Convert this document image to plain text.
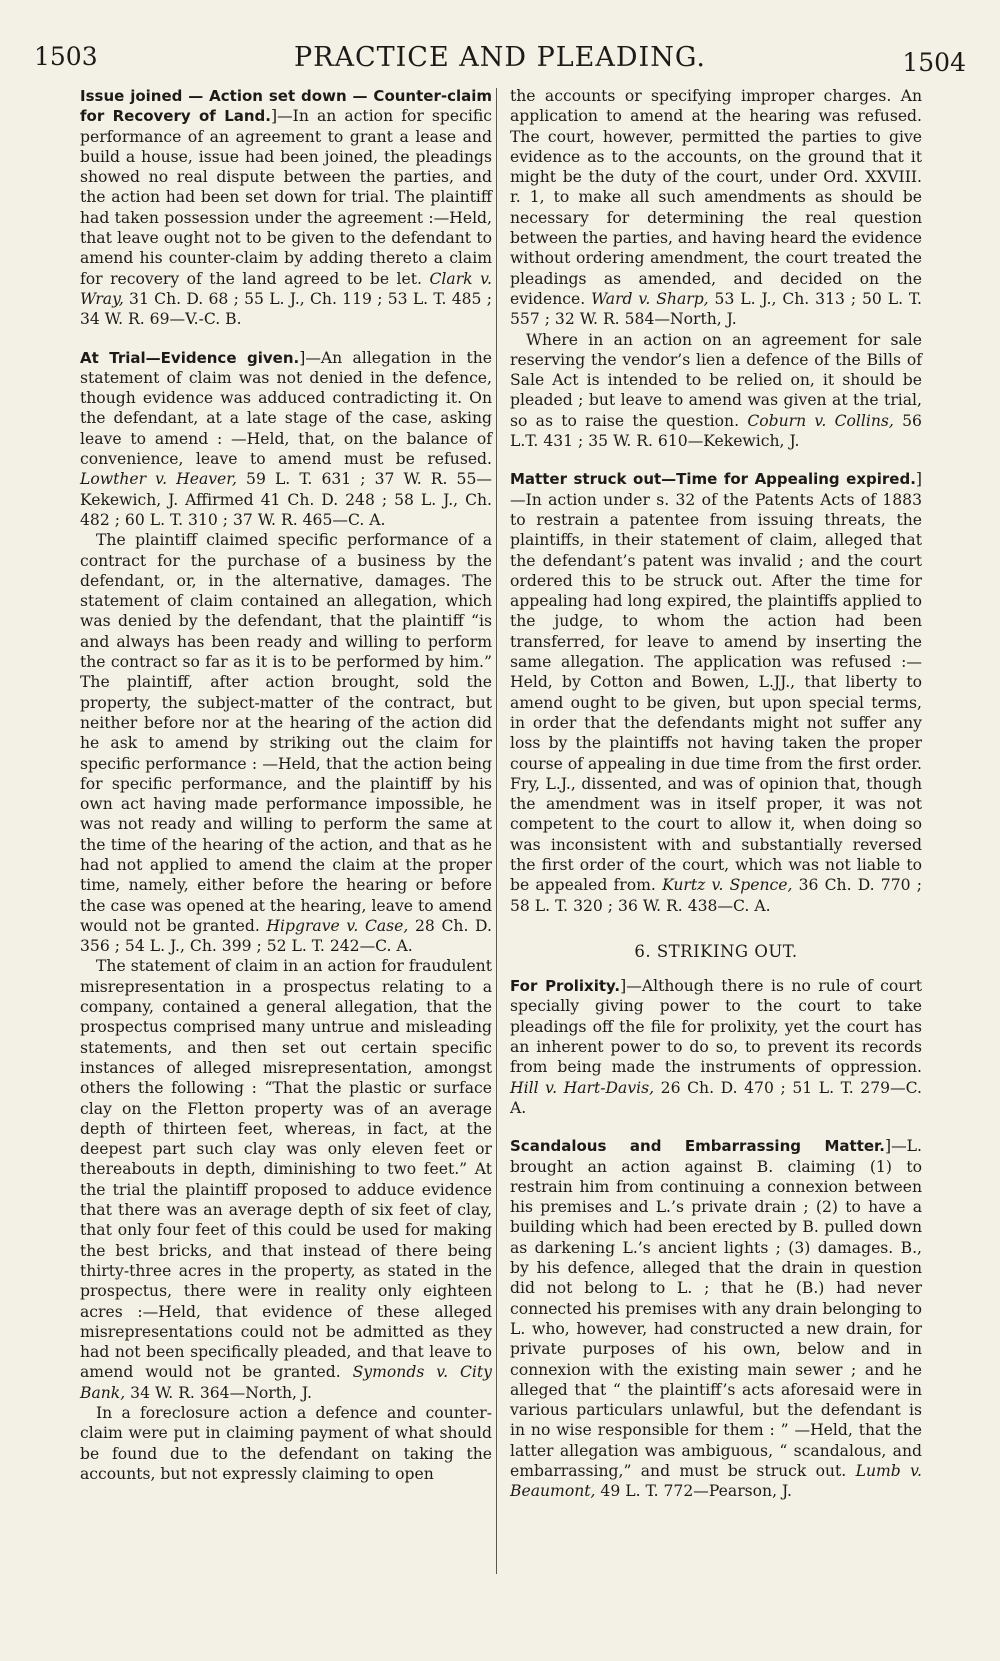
1503	PRACTICE AND PLEADING.	1504

Issue joined — Action set down — Counter-claim for Recovery of Land.]—In an action for specific performance of an agreement to grant a lease and build a house, issue had been joined, the pleadings showed no real dispute between the parties, and the action had been set down for trial. The plaintiff had taken possession under the agreement :—Held, that leave ought not to be given to the defendant to amend his counter-claim by adding thereto a claim for recovery of the land agreed to be let. Clark v. Wray, 31 Ch. D. 68 ; 55 L. J., Ch. 119 ; 53 L. T. 485 ; 34 W. R. 69—V.-C. B.

At Trial—Evidence given.]—An allegation in the statement of claim was not denied in the defence, though evidence was adduced contradicting it. On the defendant, at a late stage of the case, asking leave to amend : —Held, that, on the balance of convenience, leave to amend must be refused. Lowther v. Heaver, 59 L. T. 631 ; 37 W. R. 55—Kekewich, J. Affirmed 41 Ch. D. 248 ; 58 L. J., Ch. 482 ; 60 L. T. 310 ; 37 W. R. 465—C. A.

The plaintiff claimed specific performance of a contract for the purchase of a business by the defendant, or, in the alternative, damages. The statement of claim contained an allegation, which was denied by the defendant, that the plaintiff “is and always has been ready and willing to perform the contract so far as it is to be performed by him.” The plaintiff, after action brought, sold the property, the subject-matter of the contract, but neither before nor at the hearing of the action did he ask to amend by striking out the claim for specific performance : —Held, that the action being for specific performance, and the plaintiff by his own act having made performance impossible, he was not ready and willing to perform the same at the time of the hearing of the action, and that as he had not applied to amend the claim at the proper time, namely, either before the hearing or before the case was opened at the hearing, leave to amend would not be granted. Hipgrave v. Case, 28 Ch. D. 356 ; 54 L. J., Ch. 399 ; 52 L. T. 242—C. A.

The statement of claim in an action for fraudulent misrepresentation in a prospectus relating to a company, contained a general allegation, that the prospectus comprised many untrue and misleading statements, and then set out certain specific instances of alleged misrepresentation, amongst others the following : “That the plastic or surface clay on the Fletton property was of an average depth of thirteen feet, whereas, in fact, at the deepest part such clay was only eleven feet or thereabouts in depth, diminishing to two feet.” At the trial the plaintiff proposed to adduce evidence that there was an average depth of six feet of clay, that only four feet of this could be used for making the best bricks, and that instead of there being thirty-three acres in the property, as stated in the prospectus, there were in reality only eighteen acres :—Held, that evidence of these alleged misrepresentations could not be admitted as they had not been specifically pleaded, and that leave to amend would not be granted. Symonds v. City Bank, 34 W. R. 364—North, J.

In a foreclosure action a defence and counter-claim were put in claiming payment of what should be found due to the defendant on taking the accounts, but not expressly claiming to open

the accounts or specifying improper charges. An application to amend at the hearing was refused. The court, however, permitted the parties to give evidence as to the accounts, on the ground that it might be the duty of the court, under Ord. XXVIII. r. 1, to make all such amendments as should be necessary for determining the real question between the parties, and having heard the evidence without ordering amendment, the court treated the pleadings as amended, and decided on the evidence. Ward v. Sharp, 53 L. J., Ch. 313 ; 50 L. T. 557 ; 32 W. R. 584—North, J.

Where in an action on an agreement for sale reserving the vendor’s lien a defence of the Bills of Sale Act is intended to be relied on, it should be pleaded ; but leave to amend was given at the trial, so as to raise the question. Coburn v. Collins, 56 L.T. 431 ; 35 W. R. 610—Kekewich, J.

Matter struck out—Time for Appealing expired.]—In action under s. 32 of the Patents Acts of 1883 to restrain a patentee from issuing threats, the plaintiffs, in their statement of claim, alleged that the defendant’s patent was invalid ; and the court ordered this to be struck out. After the time for appealing had long expired, the plaintiffs applied to the judge, to whom the action had been transferred, for leave to amend by inserting the same allegation. The application was refused :—Held, by Cotton and Bowen, L.JJ., that liberty to amend ought to be given, but upon special terms, in order that the defendants might not suffer any loss by the plaintiffs not having taken the proper course of appealing in due time from the first order. Fry, L.J., dissented, and was of opinion that, though the amendment was in itself proper, it was not competent to the court to allow it, when doing so was inconsistent with and substantially reversed the first order of the court, which was not liable to be appealed from. Kurtz v. Spence, 36 Ch. D. 770 ; 58 L. T. 320 ; 36 W. R. 438—C. A.

6. STRIKING OUT.

For Prolixity.]—Although there is no rule of court specially giving power to the court to take pleadings off the file for prolixity, yet the court has an inherent power to do so, to prevent its records from being made the instruments of oppression. Hill v. Hart-Davis, 26 Ch. D. 470 ; 51 L. T. 279—C. A.

Scandalous and Embarrassing Matter.]—L. brought an action against B. claiming (1) to restrain him from continuing a connexion between his premises and L.’s private drain ; (2) to have a building which had been erected by B. pulled down as darkening L.’s ancient lights ; (3) damages. B., by his defence, alleged that the drain in question did not belong to L. ; that he (B.) had never connected his premises with any drain belonging to L. who, however, had constructed a new drain, for private purposes of his own, below and in connexion with the existing main sewer ; and he alleged that “ the plaintiff’s acts aforesaid were in various particulars unlawful, but the defendant is in no wise responsible for them : ” —Held, that the latter allegation was ambiguous, “ scandalous, and embarrassing,” and must be struck out. Lumb v. Beaumont, 49 L. T. 772—Pearson, J.
